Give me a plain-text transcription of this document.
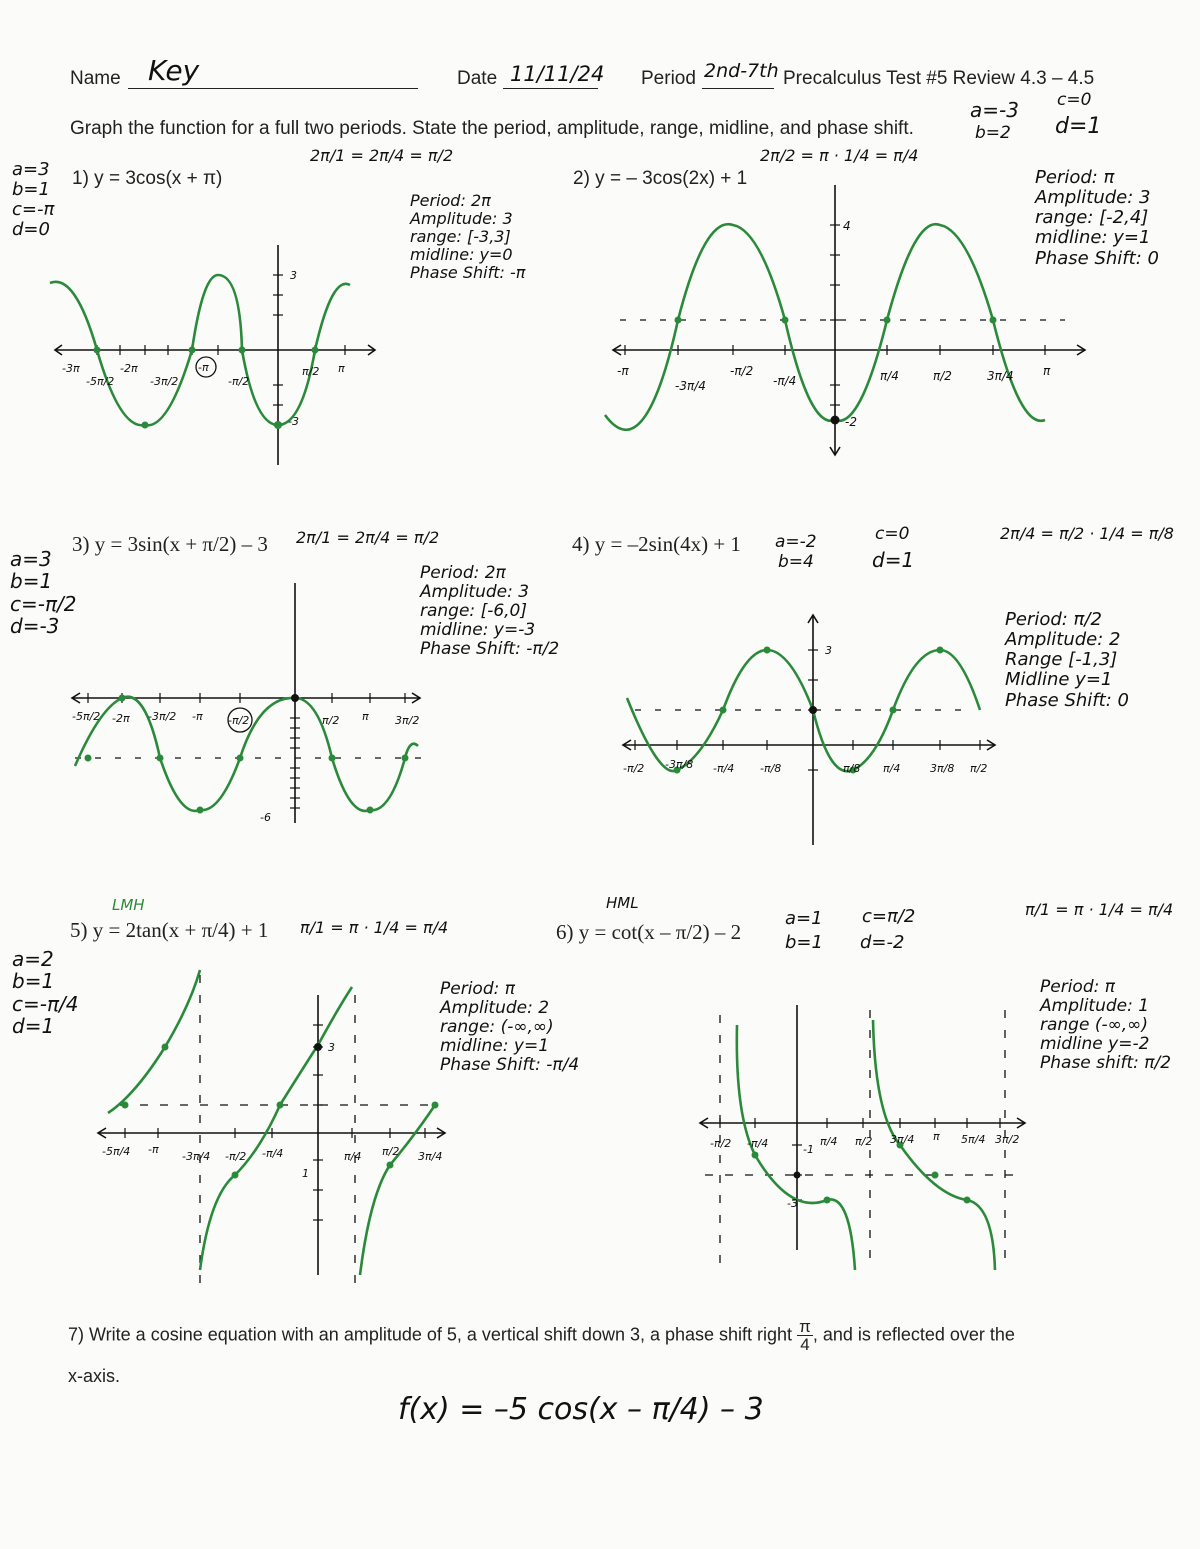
Name Key	Date 11/11/24 Period 2nd-7th Precalculus Test #5 Review 4.3 – 4.5
a=-3
b=2
c=0
d=1
Graph the function for a full two periods. State the period, amplitude, range, midline, and phase shift.
1) y = 3cos(x + π)
a=3
b=1
c=-π
d=0
2π/1 = 2π/4 = π/2
Period: 2π
Amplitude: 3
range: [-3,3]
midline: y=0
Phase Shift: -π
-3π
-5π/2
-2π
-3π/2
-π
-π/2
π/2 π
3
-3
2) y = – 3cos(2x) + 1
2π/2 = π · 1/4 = π/4
Period: π
Amplitude: 3
range: [-2,4]
midline: y=1
Phase Shift: 0
-π
-3π/4
-π/2
-π/4	π/4	π/2	3π/4 π
4
-2
3) y = 3sin(x + π/2) – 3
a=3
b=1
c=-π/2
d=-3
2π/1 = 2π/4 = π/2
Period: 2π
Amplitude: 3
range: [-6,0]
midline: y=-3
Phase Shift: -π/2
-5π/2 -2π -3π/2 -π -π/2	π/2 π 3π/2
-6
4) y = –2sin(4x) + 1 a=-2
b=4
c=0
d=1
2π/4 = π/2 · 1/4 = π/8
Period: π/2
Amplitude: 2
Range [-1,3]
Midline y=1
Phase Shift: 0
-π/2 -3π/8 -π/4 -π/8	π/8 π/4	3π/8 π/2
3
LMH
5) y = 2tan(x + π/4) + 1
a=2
b=1
c=-π/4
d=1
π/1 = π · 1/4 = π/4
Period: π
Amplitude: 2
range: (-∞,∞)
midline: y=1
Phase Shift: -π/4
-5π/4 -π
-3π/4 -π/2 -π/4	π/4 π/2 3π/4
3
1
HML
6) y = cot(x – π/2) – 2
a=1
b=1
c=π/2
d=-2
π/1 = π · 1/4 = π/4
Period: π
Amplitude: 1
range (-∞,∞)
midline y=-2
Phase shift: π/2
-π/2 -π/4	-1
π/4 π/2 3π/4 π 5π/4 3π/2
-3
7) Write a cosine equation with an amplitude of 5, a vertical shift down 3, a phase shift right $\frac{\pi}{4}$ , and is reflected over the
x-axis.
f(x) = –5 cos(x – π/4) – 3
